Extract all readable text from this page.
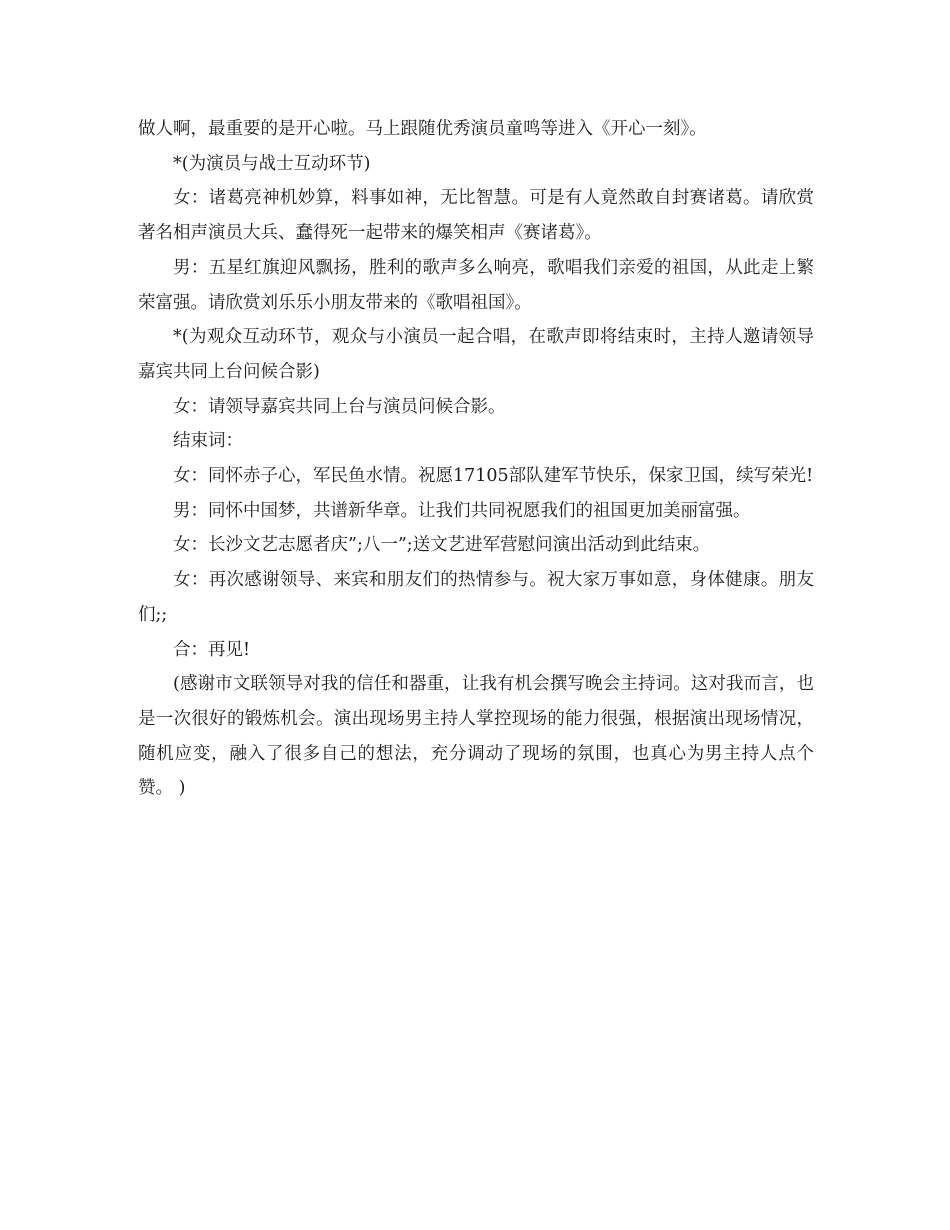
做人啊，最重要的是开心啦。马上跟随优秀演员童鸣等进入《开心一刻》。

*(为演员与战士互动环节)

女：诸葛亮神机妙算，料事如神，无比智慧。可是有人竟然敢自封赛诸葛。请欣赏著名相声演员大兵、蠢得死一起带来的爆笑相声《赛诸葛》。

男：五星红旗迎风飘扬，胜利的歌声多么响亮，歌唱我们亲爱的祖国，从此走上繁荣富强。请欣赏刘乐乐小朋友带来的《歌唱祖国》。

*(为观众互动环节，观众与小演员一起合唱，在歌声即将结束时，主持人邀请领导嘉宾共同上台问候合影)

女：请领导嘉宾共同上台与演员问候合影。

结束词：

女：同怀赤子心，军民鱼水情。祝愿17105部队建军节快乐，保家卫国，续写荣光!

男：同怀中国梦，共谱新华章。让我们共同祝愿我们的祖国更加美丽富强。

女：长沙文艺志愿者庆”;八一”;送文艺进军营慰问演出活动到此结束。

女：再次感谢领导、来宾和朋友们的热情参与。祝大家万事如意，身体健康。朋友们;;

合：再见!

(感谢市文联领导对我的信任和器重，让我有机会撰写晚会主持词。这对我而言，也是一次很好的锻炼机会。演出现场男主持人掌控现场的能力很强，根据演出现场情况，随机应变，融入了很多自己的想法，充分调动了现场的氛围，也真心为男主持人点个赞。 )
